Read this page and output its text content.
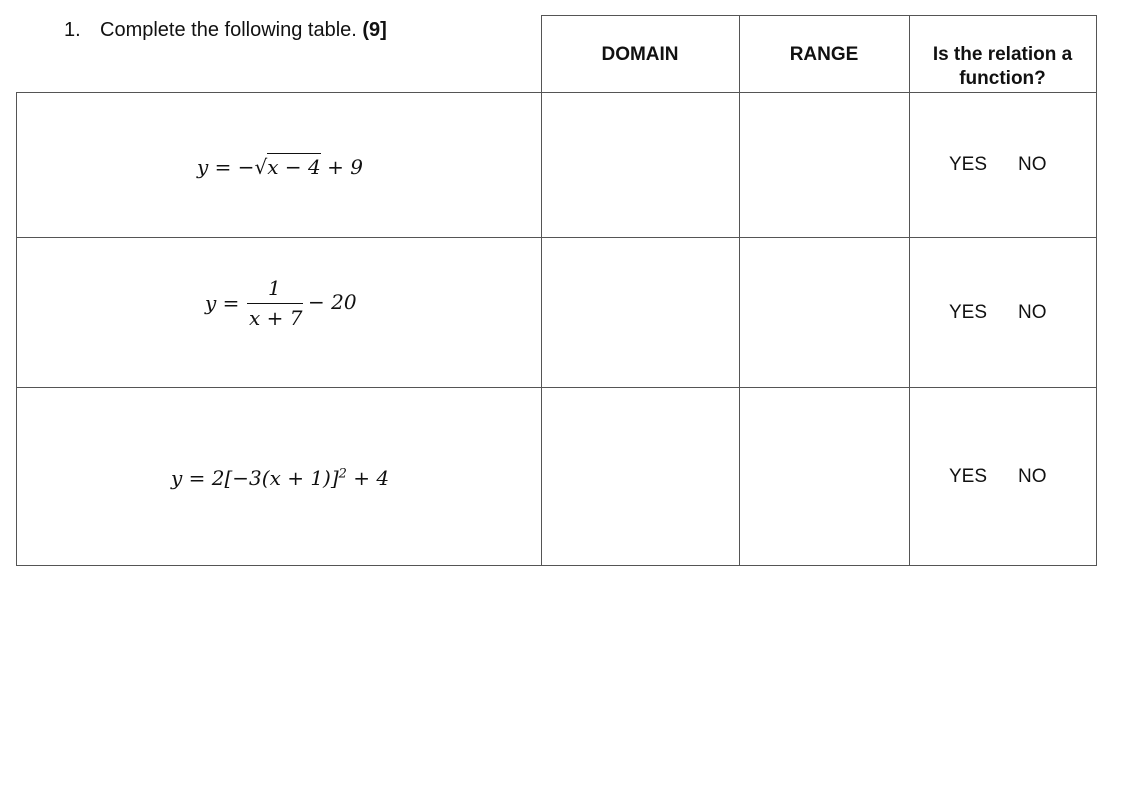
1. Complete the following table. (9]
DOMAIN	RANGE	Is the relation a
function?
y = −√x − 4 + 9
y =
1
x + 7
− 20
$y = 2[-3(x + 1)]^2 + 4$
YES NO
YES NO
YES NO
